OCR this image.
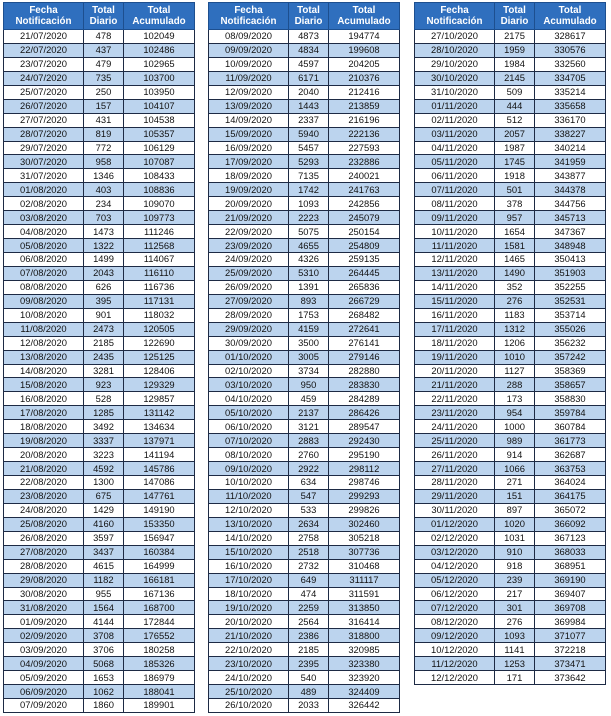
Fecha Notificación	Total Diario	Total Acumulado
21/07/2020	478	102049
22/07/2020	437	102486
23/07/2020	479	102965
24/07/2020	735	103700
25/07/2020	250	103950
26/07/2020	157	104107
27/07/2020	431	104538
28/07/2020	819	105357
29/07/2020	772	106129
30/07/2020	958	107087
31/07/2020	1346	108433
01/08/2020	403	108836
02/08/2020	234	109070
03/08/2020	703	109773
04/08/2020	1473	111246
05/08/2020	1322	112568
06/08/2020	1499	114067
07/08/2020	2043	116110
08/08/2020	626	116736
09/08/2020	395	117131
10/08/2020	901	118032
11/08/2020	2473	120505
12/08/2020	2185	122690
13/08/2020	2435	125125
14/08/2020	3281	128406
15/08/2020	923	129329
16/08/2020	528	129857
17/08/2020	1285	131142
18/08/2020	3492	134634
19/08/2020	3337	137971
20/08/2020	3223	141194
21/08/2020	4592	145786
22/08/2020	1300	147086
23/08/2020	675	147761
24/08/2020	1429	149190
25/08/2020	4160	153350
26/08/2020	3597	156947
27/08/2020	3437	160384
28/08/2020	4615	164999
29/08/2020	1182	166181
30/08/2020	955	167136
31/08/2020	1564	168700
01/09/2020	4144	172844
02/09/2020	3708	176552
03/09/2020	3706	180258
04/09/2020	5068	185326
05/09/2020	1653	186979
06/09/2020	1062	188041
07/09/2020	1860	189901
Fecha Notificación	Total Diario	Total Acumulado
08/09/2020	4873	194774
09/09/2020	4834	199608
10/09/2020	4597	204205
11/09/2020	6171	210376
12/09/2020	2040	212416
13/09/2020	1443	213859
14/09/2020	2337	216196
15/09/2020	5940	222136
16/09/2020	5457	227593
17/09/2020	5293	232886
18/09/2020	7135	240021
19/09/2020	1742	241763
20/09/2020	1093	242856
21/09/2020	2223	245079
22/09/2020	5075	250154
23/09/2020	4655	254809
24/09/2020	4326	259135
25/09/2020	5310	264445
26/09/2020	1391	265836
27/09/2020	893	266729
28/09/2020	1753	268482
29/09/2020	4159	272641
30/09/2020	3500	276141
01/10/2020	3005	279146
02/10/2020	3734	282880
03/10/2020	950	283830
04/10/2020	459	284289
05/10/2020	2137	286426
06/10/2020	3121	289547
07/10/2020	2883	292430
08/10/2020	2760	295190
09/10/2020	2922	298112
10/10/2020	634	298746
11/10/2020	547	299293
12/10/2020	533	299826
13/10/2020	2634	302460
14/10/2020	2758	305218
15/10/2020	2518	307736
16/10/2020	2732	310468
17/10/2020	649	311117
18/10/2020	474	311591
19/10/2020	2259	313850
20/10/2020	2564	316414
21/10/2020	2386	318800
22/10/2020	2185	320985
23/10/2020	2395	323380
24/10/2020	540	323920
25/10/2020	489	324409
26/10/2020	2033	326442
Fecha Notificación	Total Diario	Total Acumulado
27/10/2020	2175	328617
28/10/2020	1959	330576
29/10/2020	1984	332560
30/10/2020	2145	334705
31/10/2020	509	335214
01/11/2020	444	335658
02/11/2020	512	336170
03/11/2020	2057	338227
04/11/2020	1987	340214
05/11/2020	1745	341959
06/11/2020	1918	343877
07/11/2020	501	344378
08/11/2020	378	344756
09/11/2020	957	345713
10/11/2020	1654	347367
11/11/2020	1581	348948
12/11/2020	1465	350413
13/11/2020	1490	351903
14/11/2020	352	352255
15/11/2020	276	352531
16/11/2020	1183	353714
17/11/2020	1312	355026
18/11/2020	1206	356232
19/11/2020	1010	357242
20/11/2020	1127	358369
21/11/2020	288	358657
22/11/2020	173	358830
23/11/2020	954	359784
24/11/2020	1000	360784
25/11/2020	989	361773
26/11/2020	914	362687
27/11/2020	1066	363753
28/11/2020	271	364024
29/11/2020	151	364175
30/11/2020	897	365072
01/12/2020	1020	366092
02/12/2020	1031	367123
03/12/2020	910	368033
04/12/2020	918	368951
05/12/2020	239	369190
06/12/2020	217	369407
07/12/2020	301	369708
08/12/2020	276	369984
09/12/2020	1093	371077
10/12/2020	1141	372218
11/12/2020	1253	373471
12/12/2020	171	373642
